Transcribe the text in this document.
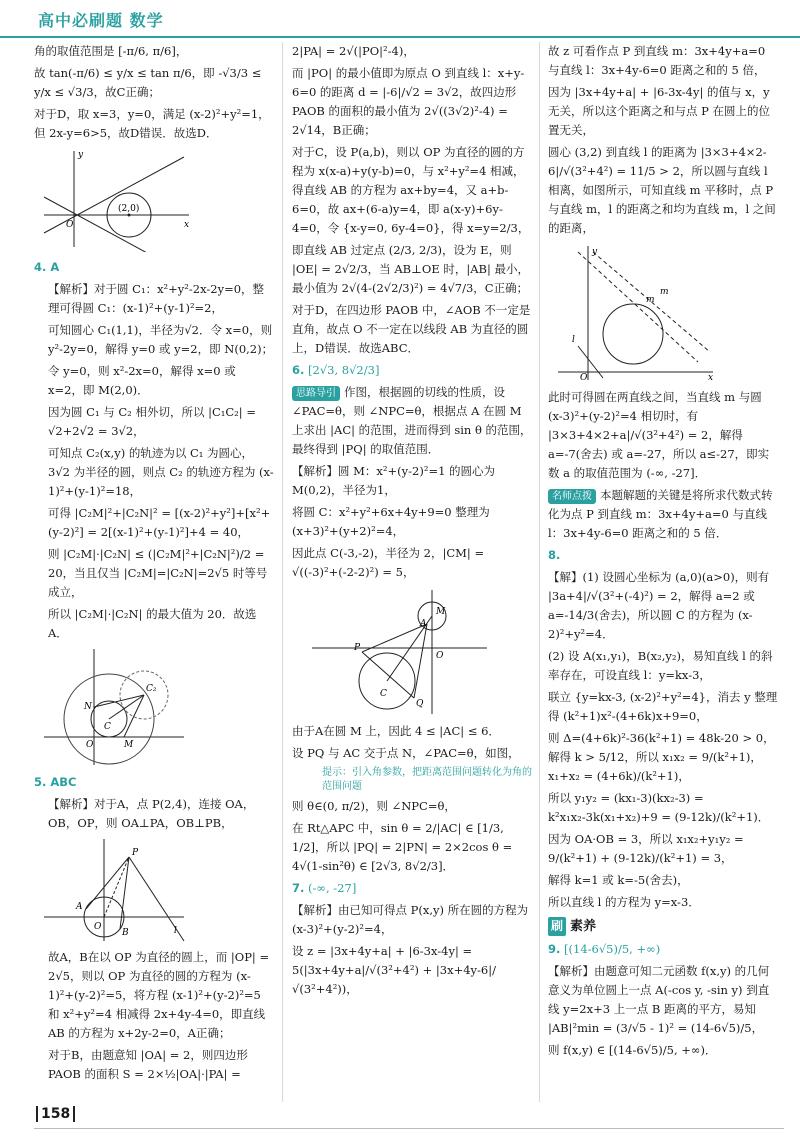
高中必刷题 数学

角的取值范围是 [-π/6, π/6]，

故 tan(-π/6) ≤ y/x ≤ tan π/6，即 -√3/3 ≤ y/x ≤ √3/3，故C正确；

对于D，取 x=3，y=0，满足 (x-2)²+y²=1，但 2x-y=6>5，故D错误．故选D．

(2,0)
O	x
y

4. A

【解析】对于圆 C₁：x²+y²-2x-2y=0，整理可得圆 C₁：(x-1)²+(y-1)²=2，

可知圆心 C₁(1,1)，半径为√2．令 x=0，则 y²-2y=0，解得 y=0 或 y=2，即 N(0,2)；

令 y=0，则 x²-2x=0，解得 x=0 或 x=2，即 M(2,0)．

因为圆 C₁ 与 C₂ 相外切，所以 |C₁C₂| = √2+2√2 = 3√2，

可知点 C₂(x,y) 的轨迹为以 C₁ 为圆心，3√2 为半径的圆，则点 C₂ 的轨迹方程为 (x-1)²+(y-1)²=18，

可得 |C₂M|²+|C₂N|² = [(x-2)²+y²]+[x²+(y-2)²] = 2[(x-1)²+(y-1)²]+4 = 40，

则 |C₂M|·|C₂N| ≤ (|C₂M|²+|C₂N|²)/2 = 20，当且仅当 |C₂M|=|C₂N|=2√5 时等号成立，

所以 |C₂M|·|C₂N| 的最大值为 20．故选A．

N
C
C₂
M
O

5. ABC

【解析】对于A，点 P(2,4)，连接 OA，OB，OP，则 OA⊥PA，OB⊥PB，

P
A
B
O	l

故A，B在以 OP 为直径的圆上，而 |OP| = 2√5，则以 OP 为直径的圆的方程为 (x-1)²+(y-2)²=5，将方程 (x-1)²+(y-2)²=5 和 x²+y²=4 相减得 2x+4y-4=0，即直线 AB 的方程为 x+2y-2=0，A正确；

对于B，由题意知 |OA| = 2，则四边形 PAOB 的面积 S = 2×½|OA|·|PA| =

2|PA| = 2√(|PO|²-4)，

而 |PO| 的最小值即为原点 O 到直线 l：x+y-6=0 的距离 d = |-6|/√2 = 3√2，故四边形 PAOB 的面积的最小值为 2√((3√2)²-4) = 2√14，B正确；

对于C，设 P(a,b)，则以 OP 为直径的圆的方程为 x(x-a)+y(y-b)=0，与 x²+y²=4 相减，得直线 AB 的方程为 ax+by=4，又 a+b-6=0，故 ax+(6-a)y=4，即 a(x-y)+6y-4=0，令 {x-y=0, 6y-4=0}，得 x=y=2/3，

即直线 AB 过定点 (2/3, 2/3)，设为 E，则 |OE| = 2√2/3，当 AB⊥OE 时，|AB| 最小，最小值为 2√(4-(2√2/3)²) = 4√7/3，C正确；

对于D，在四边形 PAOB 中，∠AOB 不一定是直角，故点 O 不一定在以线段 AB 为直径的圆上，D错误．故选ABC．

6. [2√3, 8√2/3]

思路导引 作图，根据圆的切线的性质，设 ∠PAC=θ，则 ∠NPC=θ，根据点 A 在圆 M 上求出 |AC| 的范围，进而得到 sin θ 的范围，最终得到 |PQ| 的取值范围．

【解析】圆 M：x²+(y-2)²=1 的圆心为 M(0,2)，半径为1，

将圆 C：x²+y²+6x+4y+9=0 整理为 (x+3)²+(y+2)²=4，

因此点 C(-3,-2)，半径为 2，|CM| = √((-3)²+(-2-2)²) = 5，

M
A
P
Q
C
O

由于A在圆 M 上，因此 4 ≤ |AC| ≤ 6．

设 PQ 与 AC 交于点 N，∠PAC=θ，如图，

提示：引入角参数，把距离范围问题转化为角的范围问题

则 θ∈(0, π/2)，则 ∠NPC=θ，

在 Rt△APC 中，sin θ = 2/|AC| ∈ [1/3, 1/2]，所以 |PQ| = 2|PN| = 2×2cos θ = 4√(1-sin²θ) ∈ [2√3, 8√2/3]．

7. (-∞, -27]

【解析】由已知可得点 P(x,y) 所在圆的方程为 (x-3)²+(y-2)²=4，

设 z = |3x+4y+a| + |6-3x-4y| = 5(|3x+4y+a|/√(3²+4²) + |3x+4y-6|/√(3²+4²))，

故 z 可看作点 P 到直线 m：3x+4y+a=0 与直线 l：3x+4y-6=0 距离之和的 5 倍，

因为 |3x+4y+a| + |6-3x-4y| 的值与 x，y 无关，所以这个距离之和与点 P 在圆上的位置无关，

圆心 (3,2) 到直线 l 的距离为 |3×3+4×2-6|/√(3²+4²) = 11/5 > 2，所以圆与直线 l 相离，如图所示，可知直线 m 平移时，点 P 与直线 m，l 的距离之和均为直线 m，l 之间的距离，

m
m
l
O	x
y

此时可得圆在两直线之间，当直线 m 与圆 (x-3)²+(y-2)²=4 相切时，有 |3×3+4×2+a|/√(3²+4²) = 2，解得 a=-7(舍去) 或 a=-27，所以 a≤-27，即实数 a 的取值范围为 (-∞, -27]．

名师点拨 本题解题的关键是将所求代数式转化为点 P 到直线 m：3x+4y+a=0 与直线 l：3x+4y-6=0 距离之和的 5 倍．

8.

【解】(1) 设圆心坐标为 (a,0)(a>0)，则有 |3a+4|/√(3²+(-4)²) = 2，解得 a=2 或 a=-14/3(舍去)，所以圆 C 的方程为 (x-2)²+y²=4．

(2) 设 A(x₁,y₁)，B(x₂,y₂)，易知直线 l 的斜率存在，可设直线 l：y=kx-3，

联立 {y=kx-3, (x-2)²+y²=4}，消去 y 整理得 (k²+1)x²-(4+6k)x+9=0，

则 Δ=(4+6k)²-36(k²+1) = 48k-20 > 0，解得 k > 5/12，所以 x₁x₂ = 9/(k²+1)，x₁+x₂ = (4+6k)/(k²+1)，

所以 y₁y₂ = (kx₁-3)(kx₂-3) = k²x₁x₂-3k(x₁+x₂)+9 = (9-12k)/(k²+1)．

因为 OA·OB = 3，所以 x₁x₂+y₁y₂ = 9/(k²+1) + (9-12k)/(k²+1) = 3，

解得 k=1 或 k=-5(舍去)，

所以直线 l 的方程为 y=x-3．

刷 素养

9. [(14-6√5)/5, +∞)

【解析】由题意可知二元函数 f(x,y) 的几何意义为单位圆上一点 A(-cos y, -sin y) 到直线 y=2x+3 上一点 B 距离的平方，易知 |AB|²min = (3/√5 - 1)² = (14-6√5)/5，

则 f(x,y) ∈ [(14-6√5)/5, +∞)．

158
